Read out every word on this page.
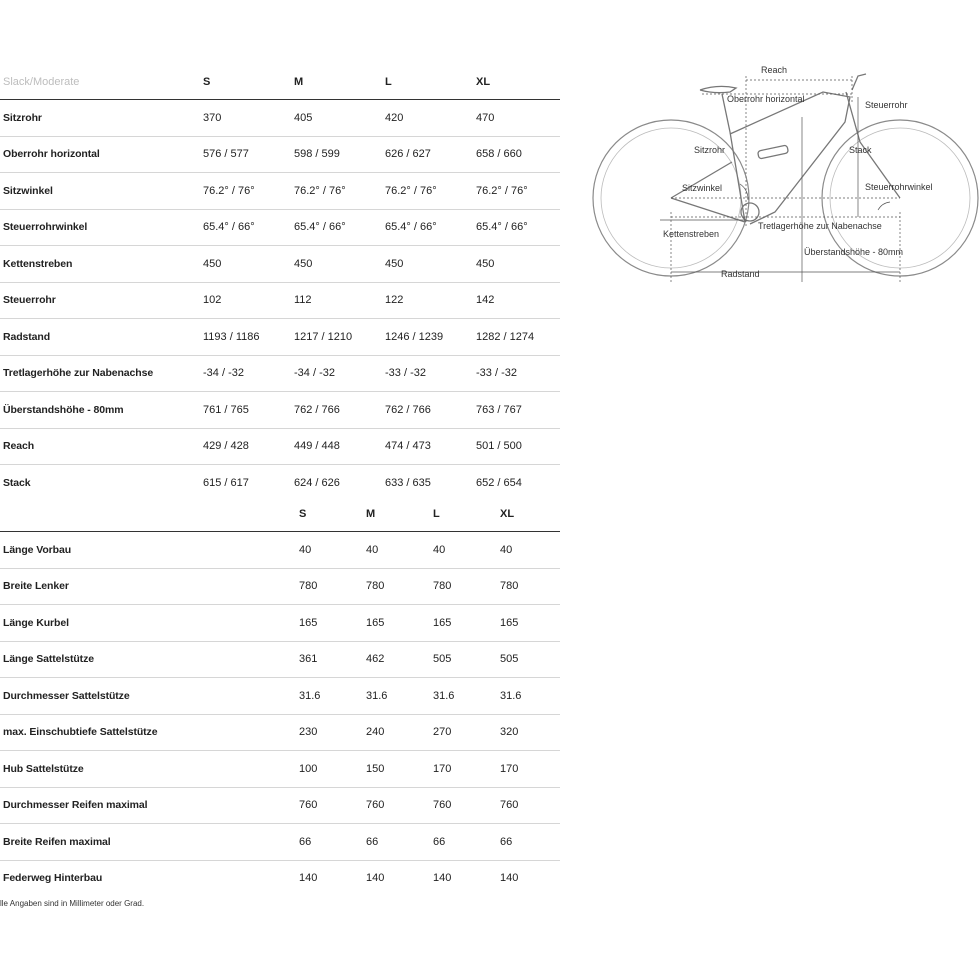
Slack/Moderate	S	M	L	XL
Sitzrohr	370	405	420	470
Oberrohr horizontal	576 / 577	598 / 599	626 / 627	658 / 660
Sitzwinkel	76.2° / 76°	76.2° / 76°	76.2° / 76°	76.2° / 76°
Steuerrohrwinkel	65.4° / 66°	65.4° / 66°	65.4° / 66°	65.4° / 66°
Kettenstreben	450	450	450	450
Steuerrohr	102	112	122	142
Radstand	1193 / 1186	1217 / 1210	1246 / 1239	1282 / 1274
Tretlagerhöhe zur Nabenachse	-34 / -32	-34 / -32	-33 / -32	-33 / -32
Überstandshöhe - 80mm	761 / 765	762 / 766	762 / 766	763 / 767
Reach	429 / 428	449 / 448	474 / 473	501 / 500
Stack	615 / 617	624 / 626	633 / 635	652 / 654
	S	M	L	XL
Länge Vorbau	40	40	40	40
Breite Lenker	780	780	780	780
Länge Kurbel	165	165	165	165
Länge Sattelstütze	361	462	505	505
Durchmesser Sattelstütze	31.6	31.6	31.6	31.6
max. Einschubtiefe Sattelstütze	230	240	270	320
Hub Sattelstütze	100	150	170	170
Durchmesser Reifen maximal	760	760	760	760
Breite Reifen maximal	66	66	66	66
Federweg Hinterbau	140	140	140	140
lle Angaben sind in Millimeter oder Grad.
Reach
Oberrohr horizontal
Steuerrohr
Sitzrohr	Stack
Sitzwinkel	Steuerrohrwinkel
Kettenstreben
Tretlagerhöhe zur Nabenachse
Überstandshöhe - 80mm
Radstand
